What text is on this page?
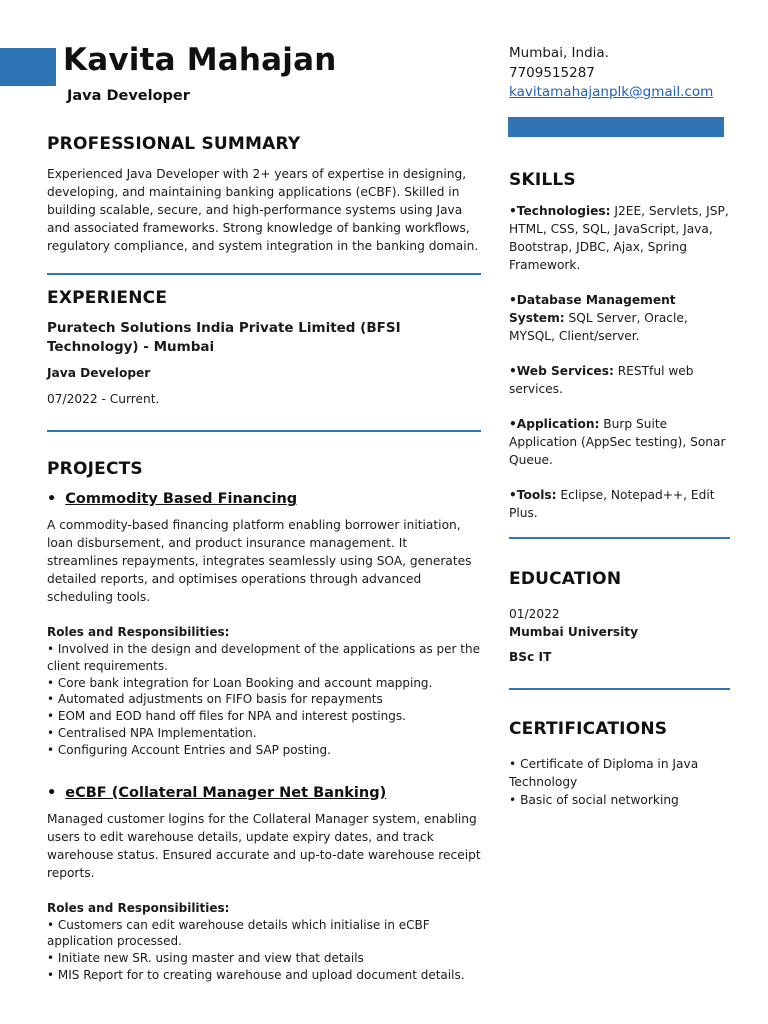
Kavita Mahajan
Java Developer
Mumbai, India.
7709515287
kavitamahajanplk@gmail.com
PROFESSIONAL SUMMARY
Experienced Java Developer with 2+ years of expertise in designing, developing, and maintaining banking applications (eCBF). Skilled in building scalable, secure, and high-performance systems using Java and associated frameworks. Strong knowledge of banking workflows, regulatory compliance, and system integration in the banking domain.
EXPERIENCE
Puratech Solutions India Private Limited (BFSI Technology) - Mumbai
Java Developer
07/2022 - Current.
PROJECTS
• Commodity Based Financing
A commodity-based financing platform enabling borrower initiation, loan disbursement, and product insurance management. It streamlines repayments, integrates seamlessly using SOA, generates detailed reports, and optimises operations through advanced scheduling tools.
Roles and Responsibilities:
• Involved in the design and development of the applications as per the client requirements.
• Core bank integration for Loan Booking and account mapping.
• Automated adjustments on FIFO basis for repayments
• EOM and EOD hand off files for NPA and interest postings.
• Centralised NPA Implementation.
• Configuring Account Entries and SAP posting.
• eCBF (Collateral Manager Net Banking)
Managed customer logins for the Collateral Manager system, enabling users to edit warehouse details, update expiry dates, and track warehouse status. Ensured accurate and up-to-date warehouse receipt reports.
Roles and Responsibilities:
• Customers can edit warehouse details which initialise in eCBF application processed.
• Initiate new SR. using master and view that details
• MIS Report for to creating warehouse and upload document details.
SKILLS
•Technologies: J2EE, Servlets, JSP, HTML, CSS, SQL, JavaScript, Java, Bootstrap, JDBC, Ajax, Spring Framework.
•Database Management System: SQL Server, Oracle, MYSQL, Client/server.
•Web Services: RESTful web services.
•Application: Burp Suite Application (AppSec testing), Sonar Queue.
•Tools: Eclipse, Notepad++, Edit Plus.
EDUCATION
01/2022
Mumbai University
BSc IT
CERTIFICATIONS
• Certificate of Diploma in Java Technology
• Basic of social networking
